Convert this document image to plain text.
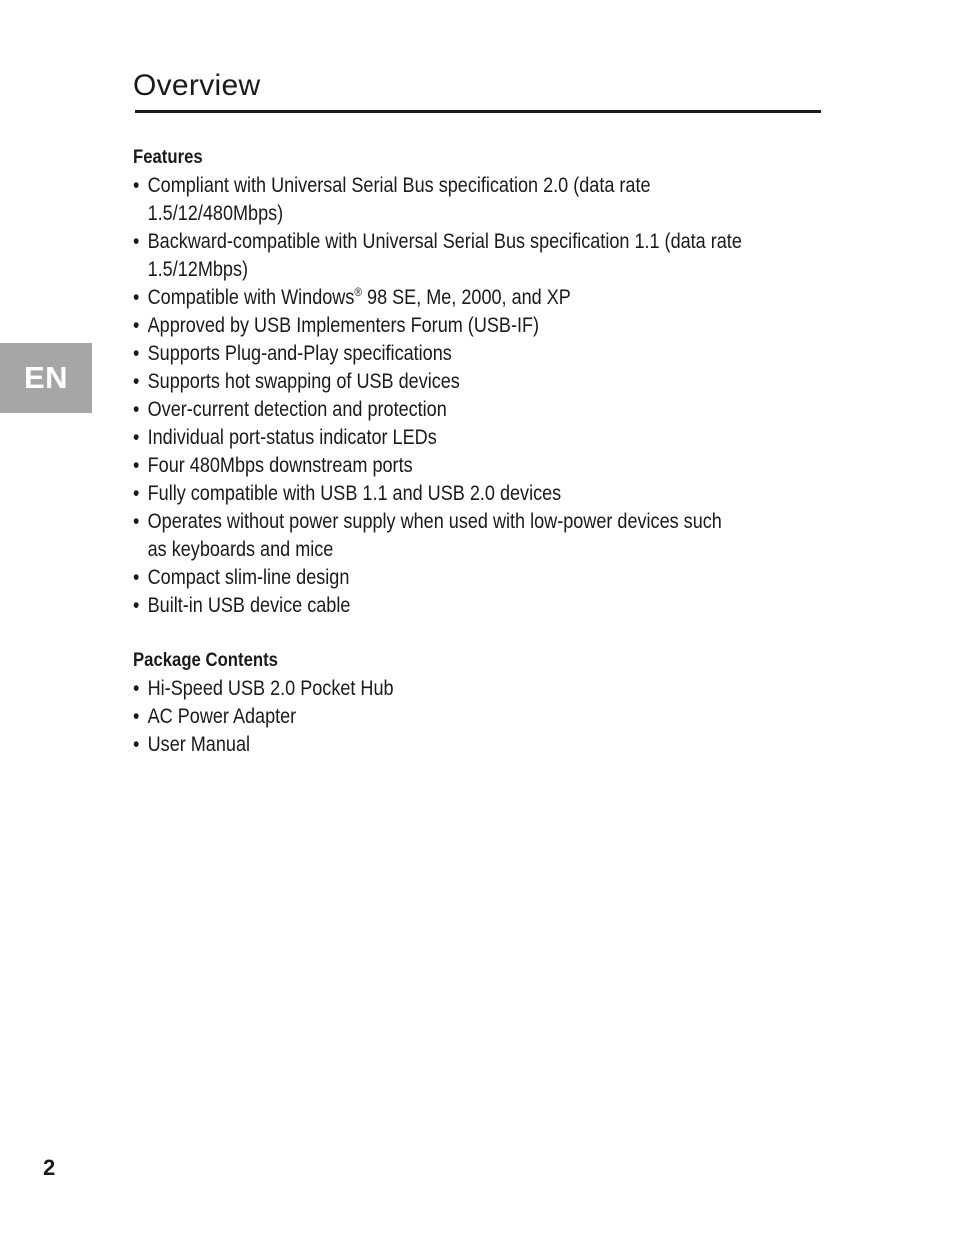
Overview
EN
Features
• Compliant with Universal Serial Bus specification 2.0 (data rate
1.5/12/480Mbps)
• Backward-compatible with Universal Serial Bus specification 1.1 (data rate
1.5/12Mbps)
• Compatible with Windows® 98 SE, Me, 2000, and XP
• Approved by USB Implementers Forum (USB-IF)
• Supports Plug-and-Play specifications
• Supports hot swapping of USB devices
• Over-current detection and protection
• Individual port-status indicator LEDs
• Four 480Mbps downstream ports
• Fully compatible with USB 1.1 and USB 2.0 devices
• Operates without power supply when used with low-power devices such
as keyboards and mice
• Compact slim-line design
• Built-in USB device cable
Package Contents
• Hi-Speed USB 2.0 Pocket Hub
• AC Power Adapter
• User Manual
2
